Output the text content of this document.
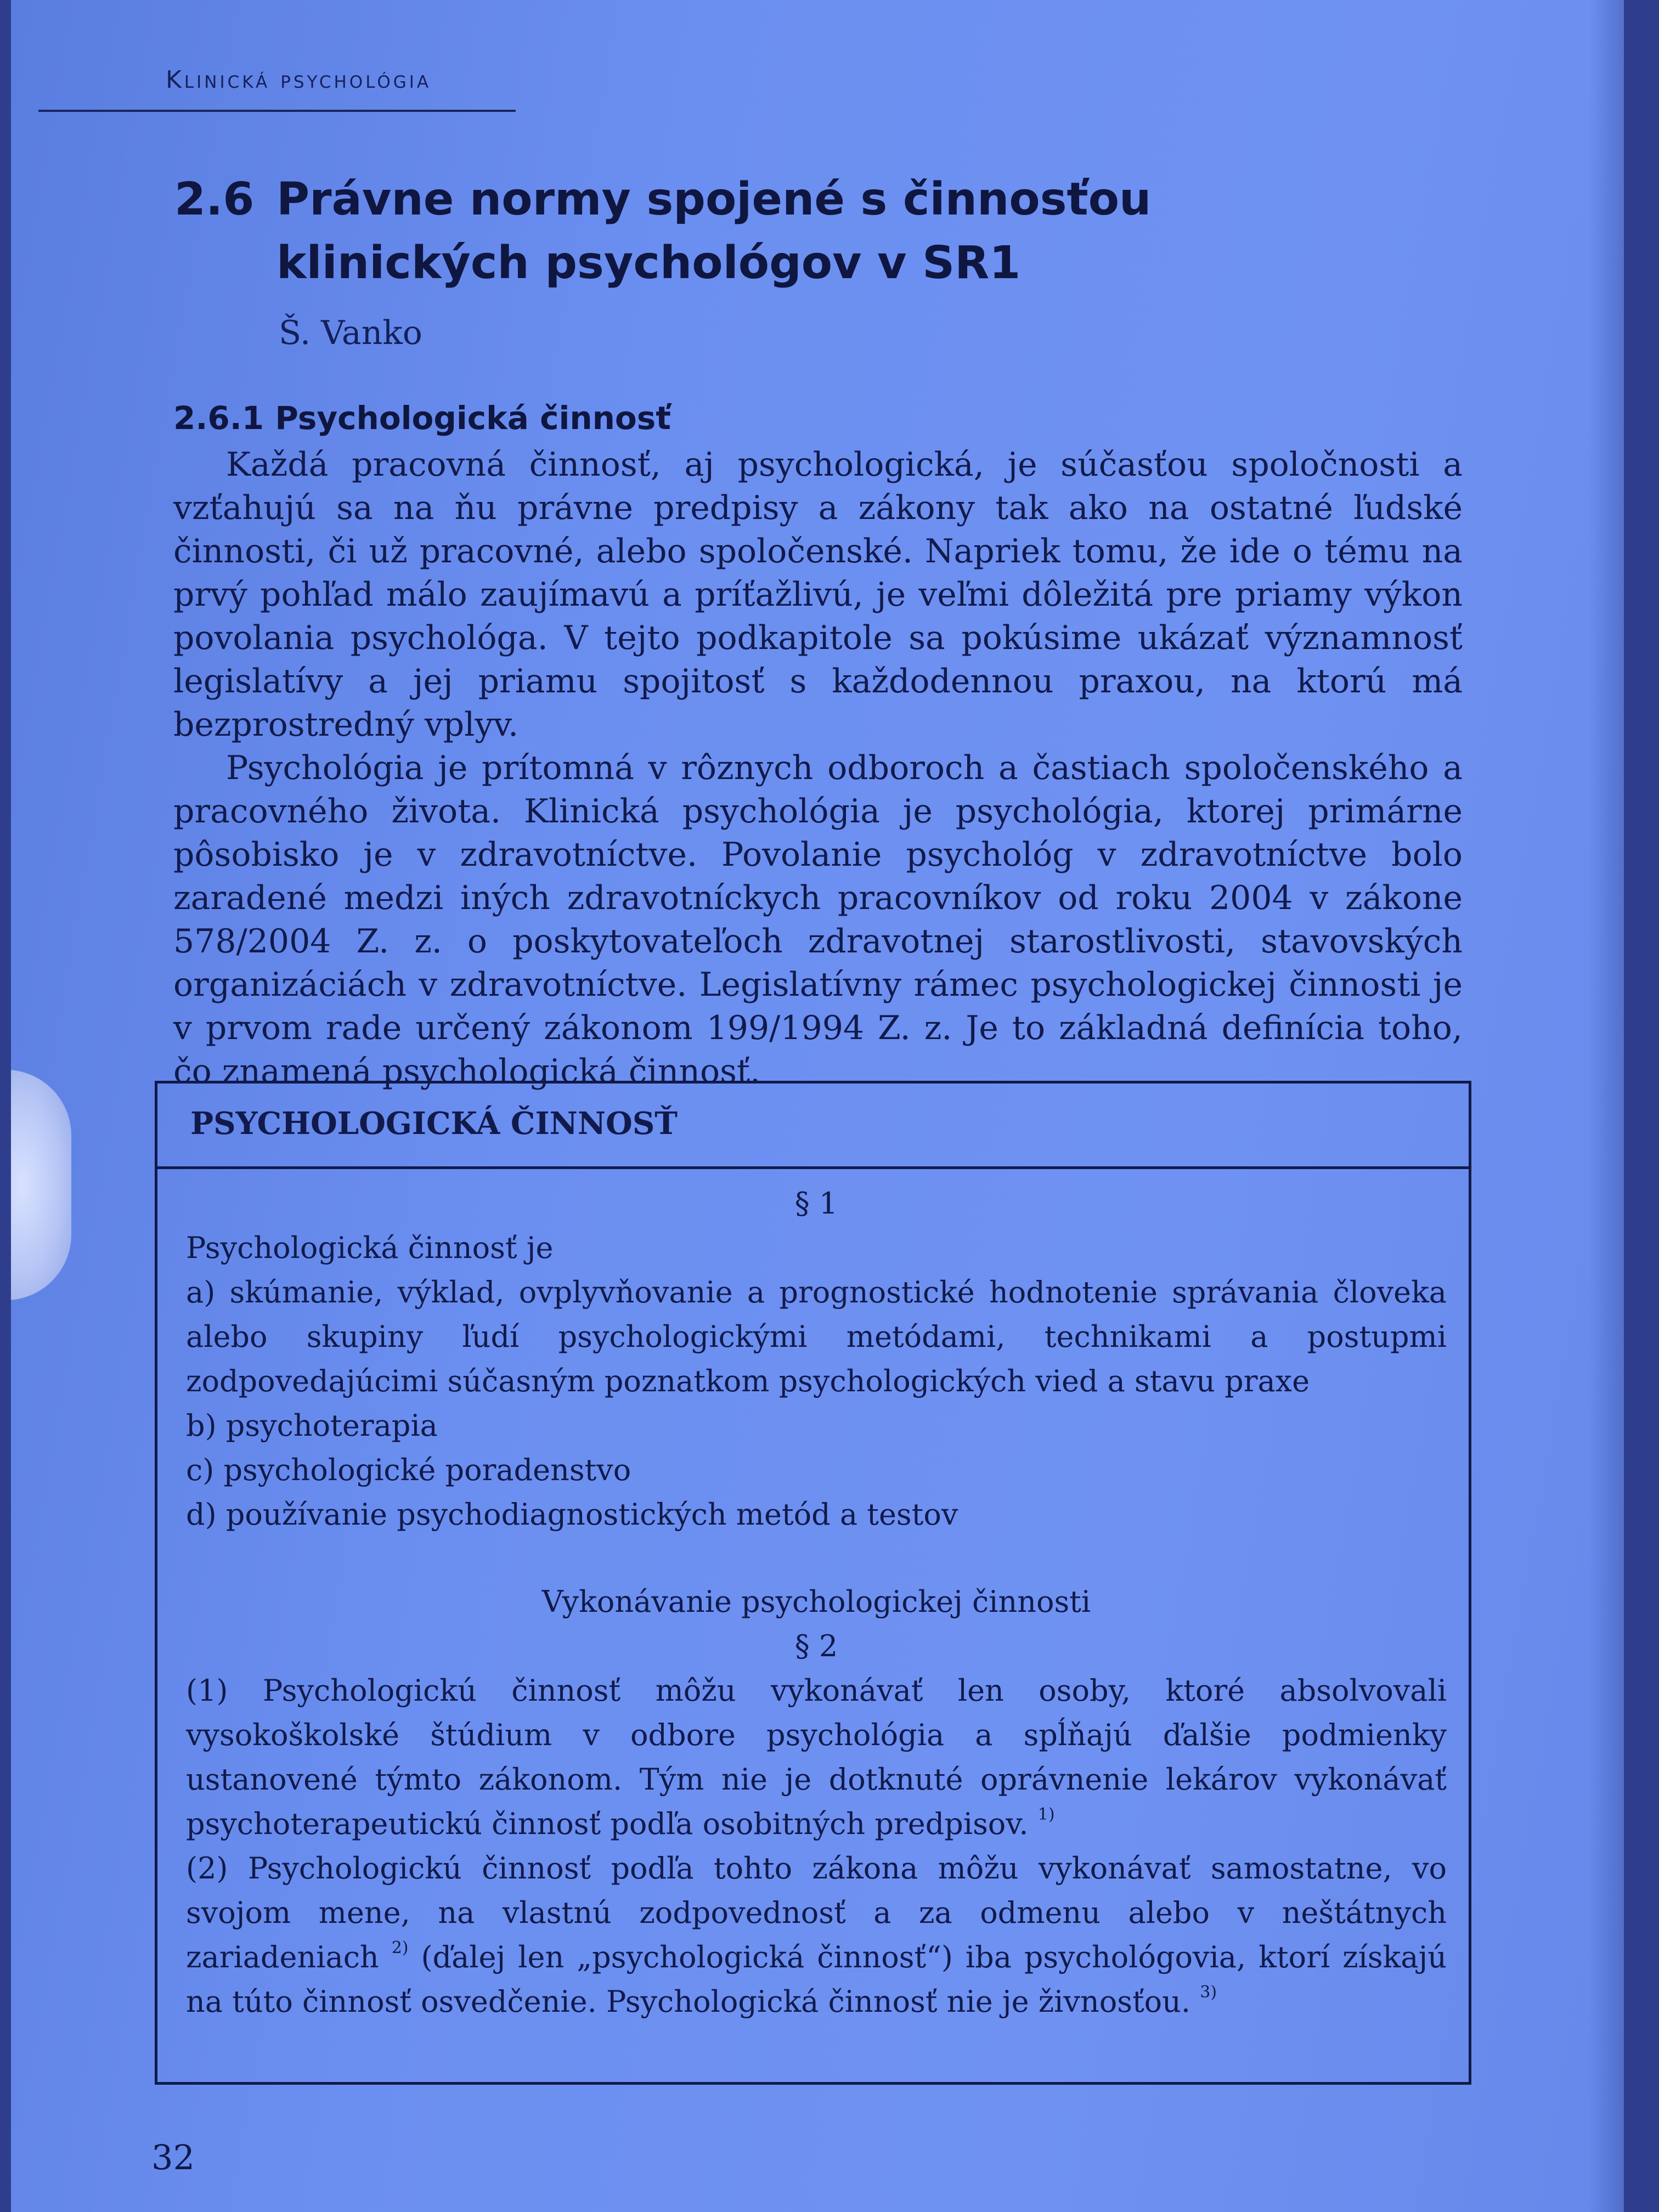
Klinická psychológia
2.6 Právne normy spojené s činnosťou
klinických psychológov v SR1
Š. Vanko
2.6.1 Psychologická činnosť

Každá pracovná činnosť, aj psychologická, je súčasťou spoločnosti a vzťahujú sa na ňu právne predpisy a zákony tak ako na ostatné ľudské činnosti, či už pracovné, alebo spoločenské. Napriek tomu, že ide o tému na prvý pohľad málo zaujímavú a príťažlivú, je veľmi dôležitá pre priamy výkon povolania psychológa. V tejto podkapitole sa pokúsime ukázať významnosť legislatívy a jej priamu spojitosť s každodennou praxou, na ktorú má bezprostredný vplyv.

Psychológia je prítomná v rôznych odboroch a častiach spoločenského a pracovného života. Klinická psychológia je psychológia, ktorej primárne pôsobisko je v zdravotníctve. Povolanie psychológ v zdravotníctve bolo zaradené medzi iných zdravotníckych pracovníkov od roku 2004 v zákone 578/2004 Z. z. o poskytovateľoch zdravotnej starostlivosti, stavovských organizáciách v zdravotníctve. Legislatívny rámec psychologickej činnosti je v prvom rade určený zákonom 199/1994 Z. z. Je to základná definícia toho, čo znamená psychologická činnosť.

PSYCHOLOGICKÁ ČINNOSŤ
§ 1
Psychologická činnosť je
a) skúmanie, výklad, ovplyvňovanie a prognostické hodnotenie správania človeka alebo skupiny ľudí psychologickými metódami, technikami a postupmi zodpovedajúcimi súčasným poznatkom psychologických vied a stavu praxe
b) psychoterapia
c) psychologické poradenstvo
d) používanie psychodiagnostických metód a testov
Vykonávanie psychologickej činnosti
§ 2
(1) Psychologickú činnosť môžu vykonávať len osoby, ktoré absolvovali vysokoškolské štúdium v odbore psychológia a spĺňajú ďalšie podmienky ustanovené týmto zákonom. Tým nie je dotknuté oprávnenie lekárov vykonávať psychoterapeutickú činnosť podľa osobitných predpisov. $^{1)}$
(2) Psychologickú činnosť podľa tohto zákona môžu vykonávať samostatne, vo svojom mene, na vlastnú zodpovednosť a za odmenu alebo v neštátnych zariadeniach $^{2)}$ (ďalej len „psychologická činnosť“) iba psychológovia, ktorí získajú na túto činnosť osvedčenie. Psychologická činnosť nie je živnosťou. $^{3)}$
32
